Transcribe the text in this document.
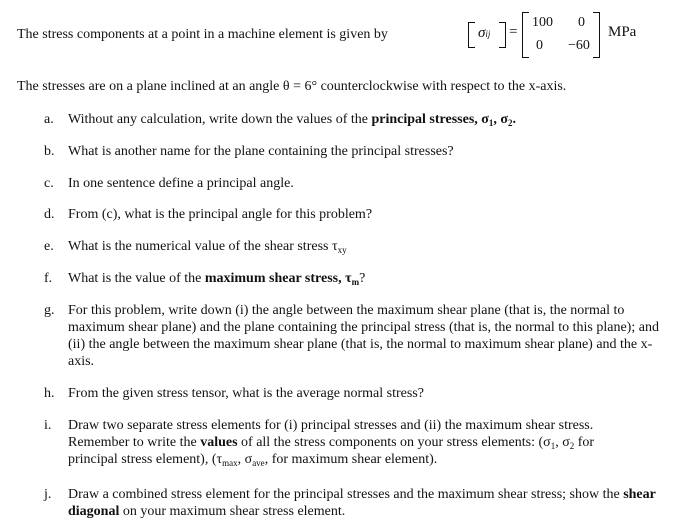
The stress components at a point in a machine element is given by	σij =
100 0
0 −60
MPa
The stresses are on a plane inclined at an angle θ = 6° counterclockwise with respect to the x-axis.
a.	Without any calculation, write down the values of the principal stresses, $\sigma_1$, $\sigma_2$.
b. What is another name for the plane containing the principal stresses?
c.	In one sentence define a principal angle.
d. From (c), what is the principal angle for this problem?
e.	What is the numerical value of the shear stress $\tau_{xy}$
f.	What is the value of the maximum shear stress, $\tau_m$?
g. For this problem, write down (i) the angle between the maximum shear plane (that is, the normal to maximum shear plane) and the plane containing the principal stress (that is, the normal to this plane); and (ii) the angle between the maximum shear plane (that is, the normal to maximum shear plane) and the x-axis.
h. From the given stress tensor, what is the average normal stress?
i.	Draw two separate stress elements for (i) principal stresses and (ii) the maximum shear stress.
Remember to write the values of all the stress components on your stress elements: ($\sigma_1$, $\sigma_2$ for
principal stress element), ($\tau_{max}$, $\sigma_{ave}$, for maximum shear element).
j.	Draw a combined stress element for the principal stresses and the maximum shear stress; show the shear diagonal on your maximum shear stress element.
